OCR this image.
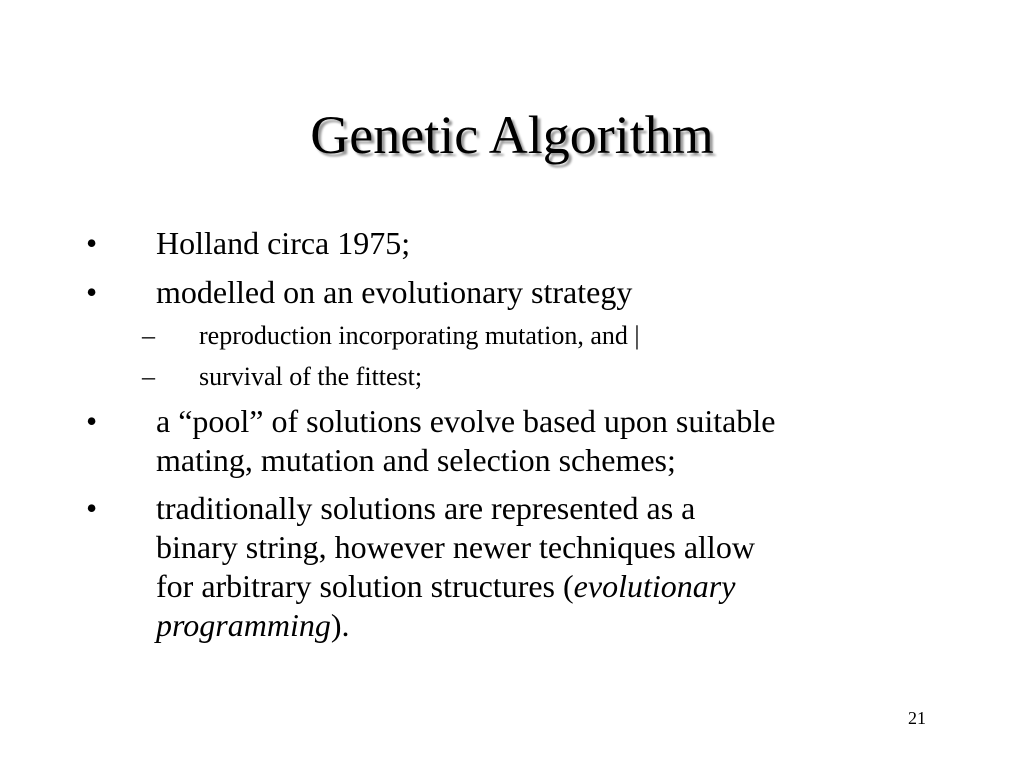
Genetic Algorithm
• Holland circa 1975;
• modelled on an evolutionary strategy
– reproduction incorporating mutation, and |
– survival of the fittest;
• a “pool” of solutions evolve based upon suitable
mating, mutation and selection schemes;
• traditionally solutions are represented as a
binary string, however newer techniques allow
for arbitrary solution structures (evolutionary
programming).
21
